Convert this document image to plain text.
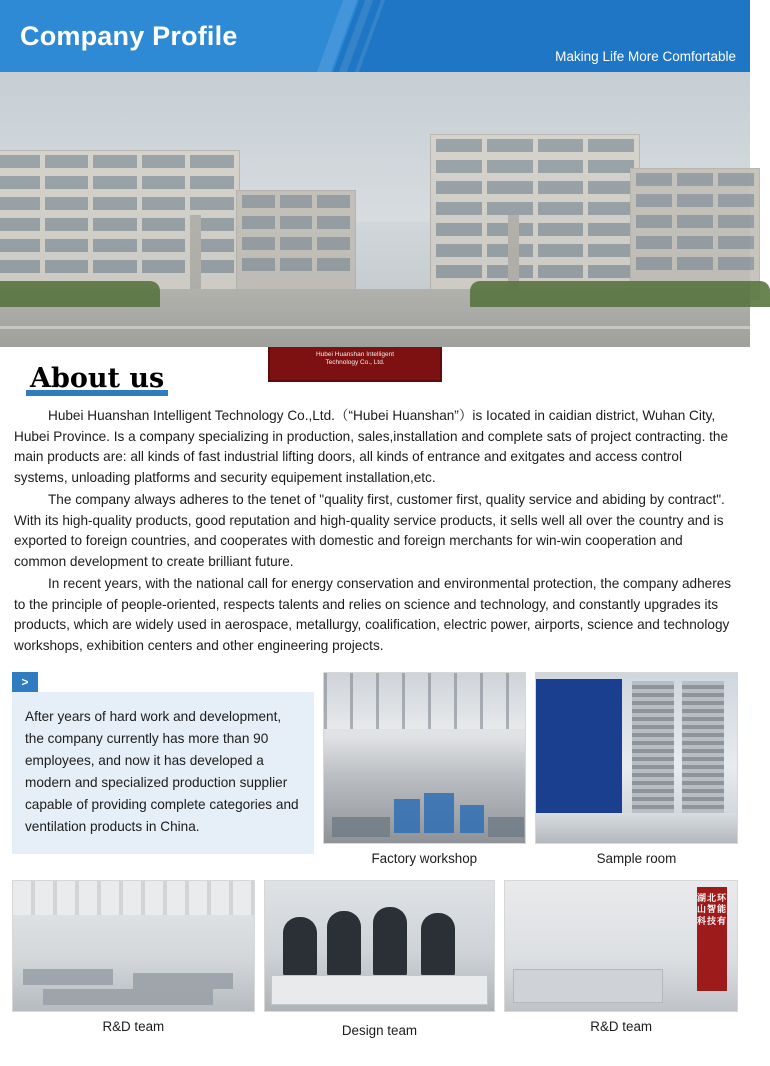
Company Profile
Making Life More Comfortable
Hubei Huanshan Intelligent
Technology Co., Ltd.
About us

Hubei Huanshan Intelligent Technology Co.,Ltd.（“Hubei Huanshan”）is Iocated in caidian district, Wuhan City, Hubei Province. Is a company specializing in production, sales,installation and complete sats of project contracting. the main products are: all kinds of fast industrial lifting doors, all kinds of entrance and exitgates and access control systems, unloading platforms and security equipement installation,etc.

The company always adheres to the tenet of "quality first, customer first, quality service and abiding by contract". With its high-quality products, good reputation and high-quality service products, it sells well all over the country and is exported to foreign countries, and cooperates with domestic and foreign merchants for win-win cooperation and common development to create brilliant future.

In recent years, with the national call for energy conservation and environmental protection, the company adheres to the principle of people-oriented, respects talents and relies on science and technology, and constantly upgrades its products, which are widely used in aerospace, metallurgy, coalification, electric power, airports, science and technology workshops, exhibition centers and other engineering projects.

>
After years of hard work and development, the company currently has more than 90 employees, and now it has developed a modern and specialized production supplier capable of providing complete categories and ventilation products in China.
Factory workshop	Sample room
R&D team	Design team
湖北环山智能科技有
R&D team
